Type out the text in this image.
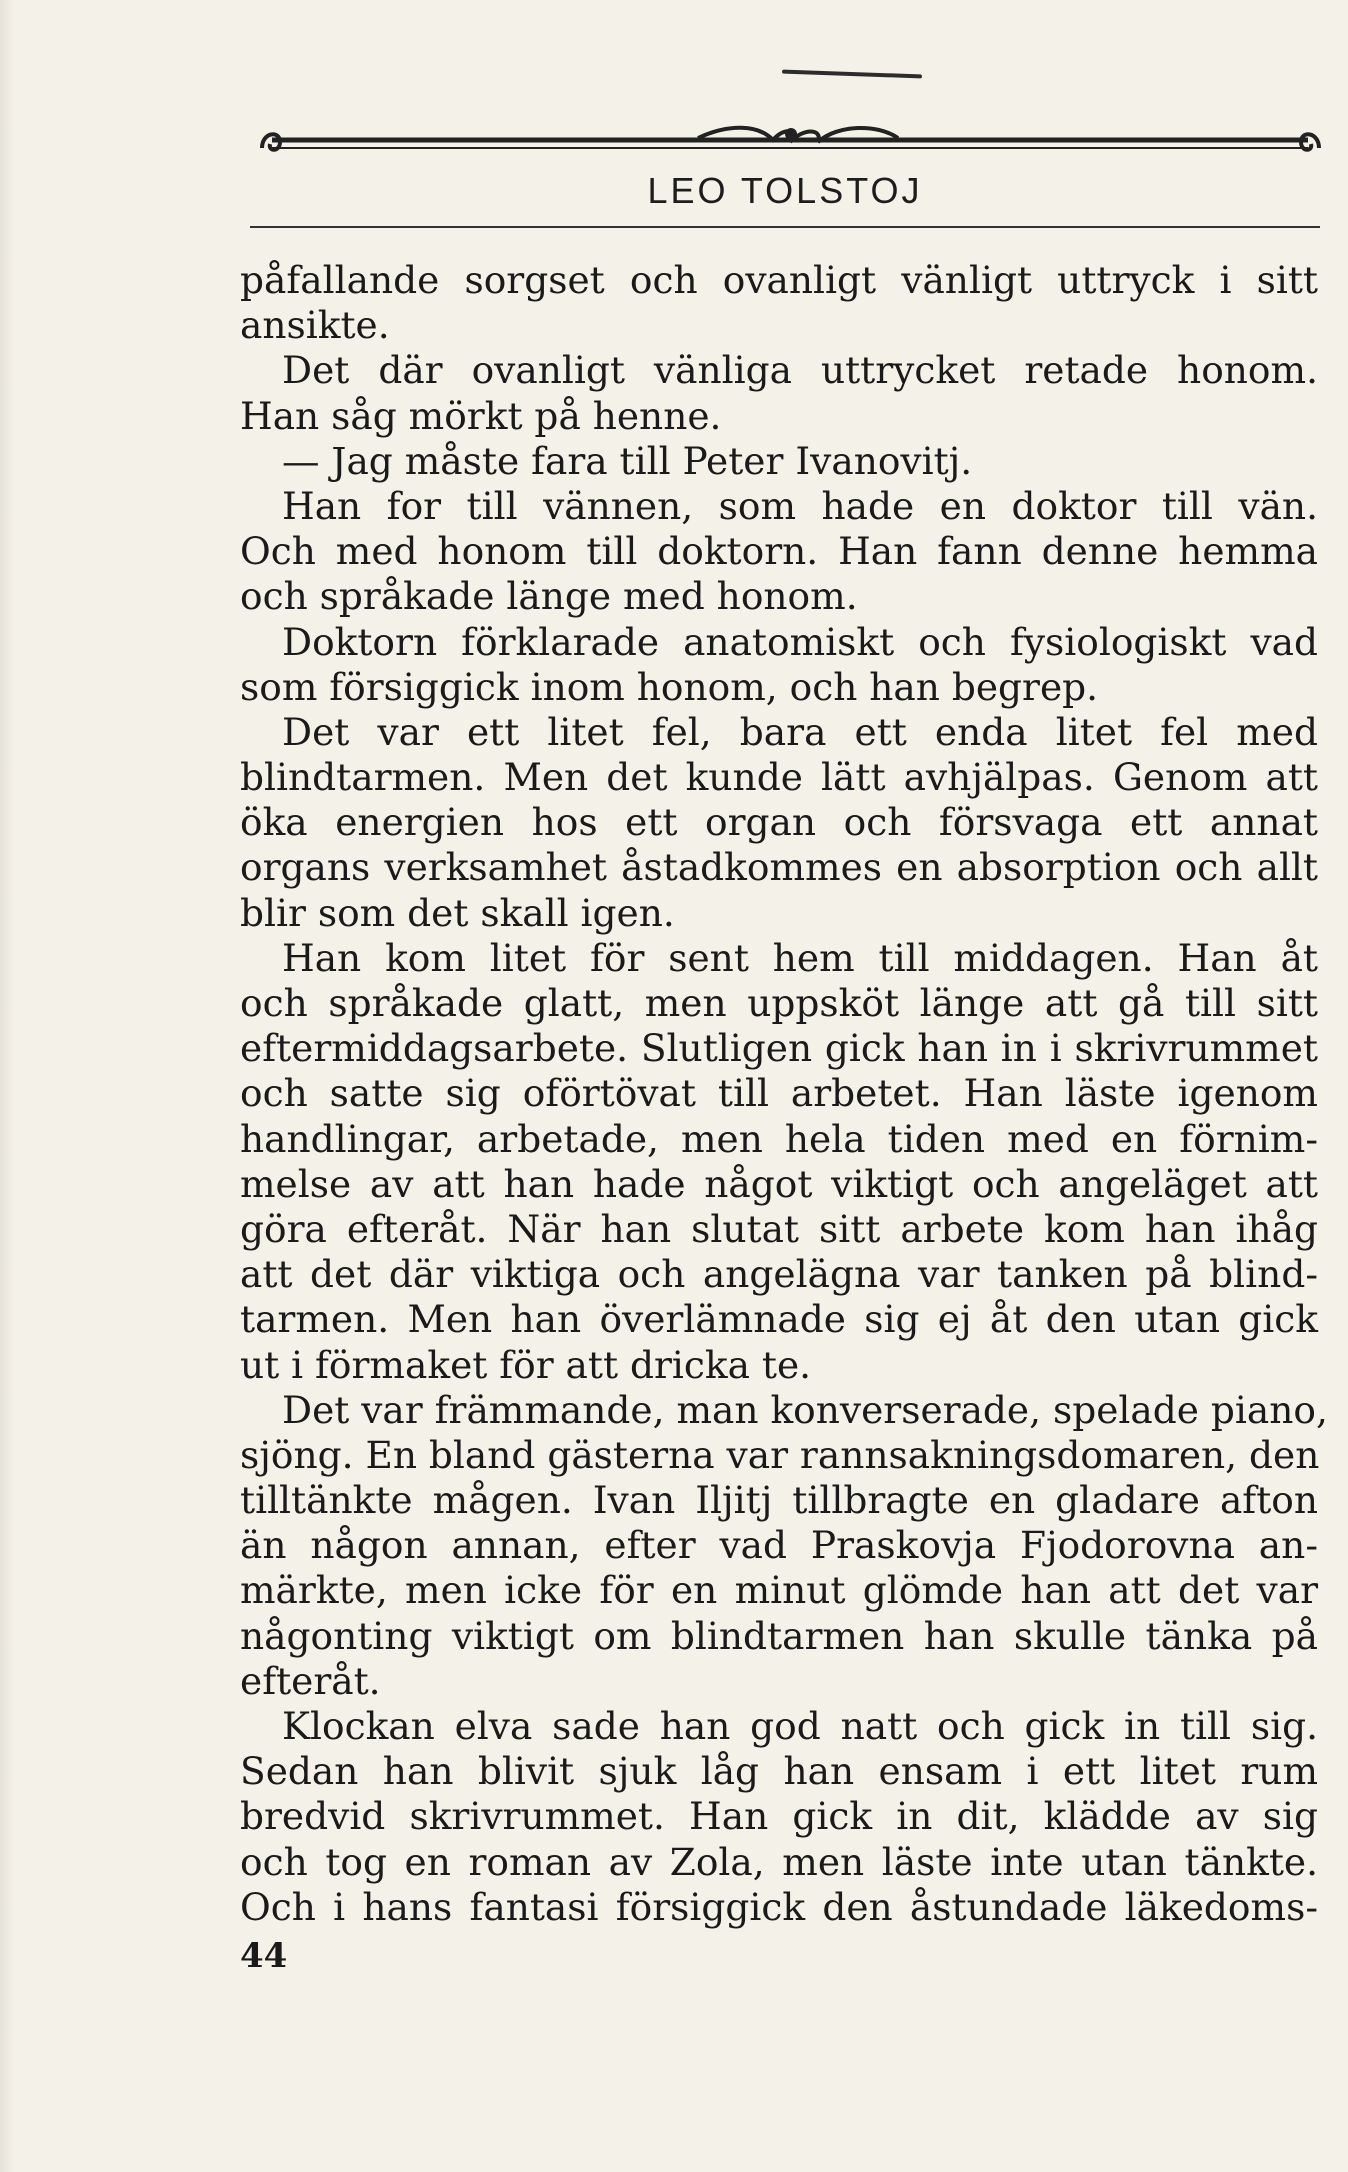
LEO TOLSTOJ
påfallande sorgset och ovanligt vänligt uttryck i sitt
ansikte.
Det där ovanligt vänliga uttrycket retade honom.
Han såg mörkt på henne.
— Jag måste fara till Peter Ivanovitj.
Han for till vännen, som hade en doktor till vän.
Och med honom till doktorn. Han fann denne hemma
och språkade länge med honom.
Doktorn förklarade anatomiskt och fysiologiskt vad
som försiggick inom honom, och han begrep.
Det var ett litet fel, bara ett enda litet fel med
blindtarmen. Men det kunde lätt avhjälpas. Genom att
öka energien hos ett organ och försvaga ett annat
organs verksamhet åstadkommes en absorption och allt
blir som det skall igen.
Han kom litet för sent hem till middagen. Han åt
och språkade glatt, men uppsköt länge att gå till sitt
eftermiddagsarbete. Slutligen gick han in i skrivrummet
och satte sig oförtövat till arbetet. Han läste igenom
handlingar, arbetade, men hela tiden med en förnim-
melse av att han hade något viktigt och angeläget att
göra efteråt. När han slutat sitt arbete kom han ihåg
att det där viktiga och angelägna var tanken på blind-
tarmen. Men han överlämnade sig ej åt den utan gick
ut i förmaket för att dricka te.
Det var främmande, man konverserade, spelade piano,
sjöng. En bland gästerna var rannsakningsdomaren, den
tilltänkte mågen. Ivan Iljitj tillbragte en gladare afton
än någon annan, efter vad Praskovja Fjodorovna an-
märkte, men icke för en minut glömde han att det var
någonting viktigt om blindtarmen han skulle tänka på
efteråt.
Klockan elva sade han god natt och gick in till sig.
Sedan han blivit sjuk låg han ensam i ett litet rum
bredvid skrivrummet. Han gick in dit, klädde av sig
och tog en roman av Zola, men läste inte utan tänkte.
Och i hans fantasi försiggick den åstundade läkedoms-
44
